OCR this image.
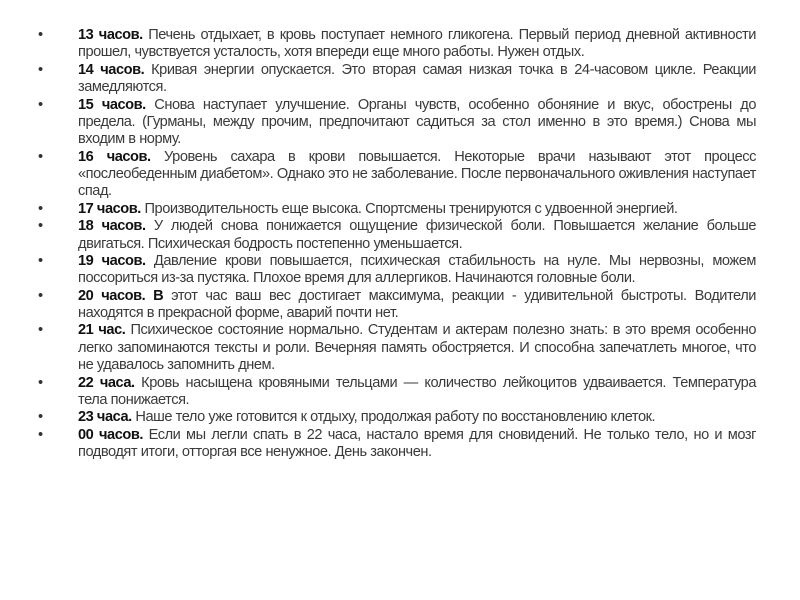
• 13 часов. Печень отдыхает, в кровь поступает немного гликогена. Первый период дневной активности прошел, чувствуется усталость, хотя впереди еще много работы. Нужен отдых.
• 14 часов. Кривая энергии опускается. Это вторая самая низкая точка в 24-часовом цикле. Реакции замедляются.
• 15 часов. Снова наступает улучшение. Органы чувств, особенно обоняние и вкус, обострены до предела. (Гурманы, между прочим, предпочитают садиться за стол именно в это время.) Снова мы входим в норму.
• 16 часов. Уровень сахара в крови повышается. Некоторые врачи называют этот процесс «послеобеденным диабетом». Однако это не заболевание. После первоначального оживления наступает спад.
• 17 часов. Производительность еще высока. Спортсмены тренируются с удвоенной энергией.
• 18 часов. У людей снова понижается ощущение физической боли. Повышается желание больше двигаться. Психическая бодрость постепенно уменьшается.
• 19 часов. Давление крови повышается, психическая стабильность на нуле. Мы нервозны, можем поссориться из-за пустяка. Плохое время для аллергиков. Начинаются головные боли.
• 20 часов. В этот час ваш вес достигает максимума, реакции - удивительной быстроты. Водители находятся в прекрасной форме, аварий почти нет.
• 21 час. Психическое состояние нормально. Студентам и актерам полезно знать: в это время особенно легко запоминаются тексты и роли. Вечерняя память обостряется. И способна запечатлеть многое, что не удавалось запомнить днем.
• 22 часа. Кровь насыщена кровяными тельцами — количество лейкоцитов удваивается. Температура тела понижается.
• 23 часа. Наше тело уже готовится к отдыху, продолжая работу по восстановлению клеток.
• 00 часов. Если мы легли спать в 22 часа, настало время для сновидений. Не только тело, но и мозг подводят итоги, отторгая все ненужное. День закончен.
